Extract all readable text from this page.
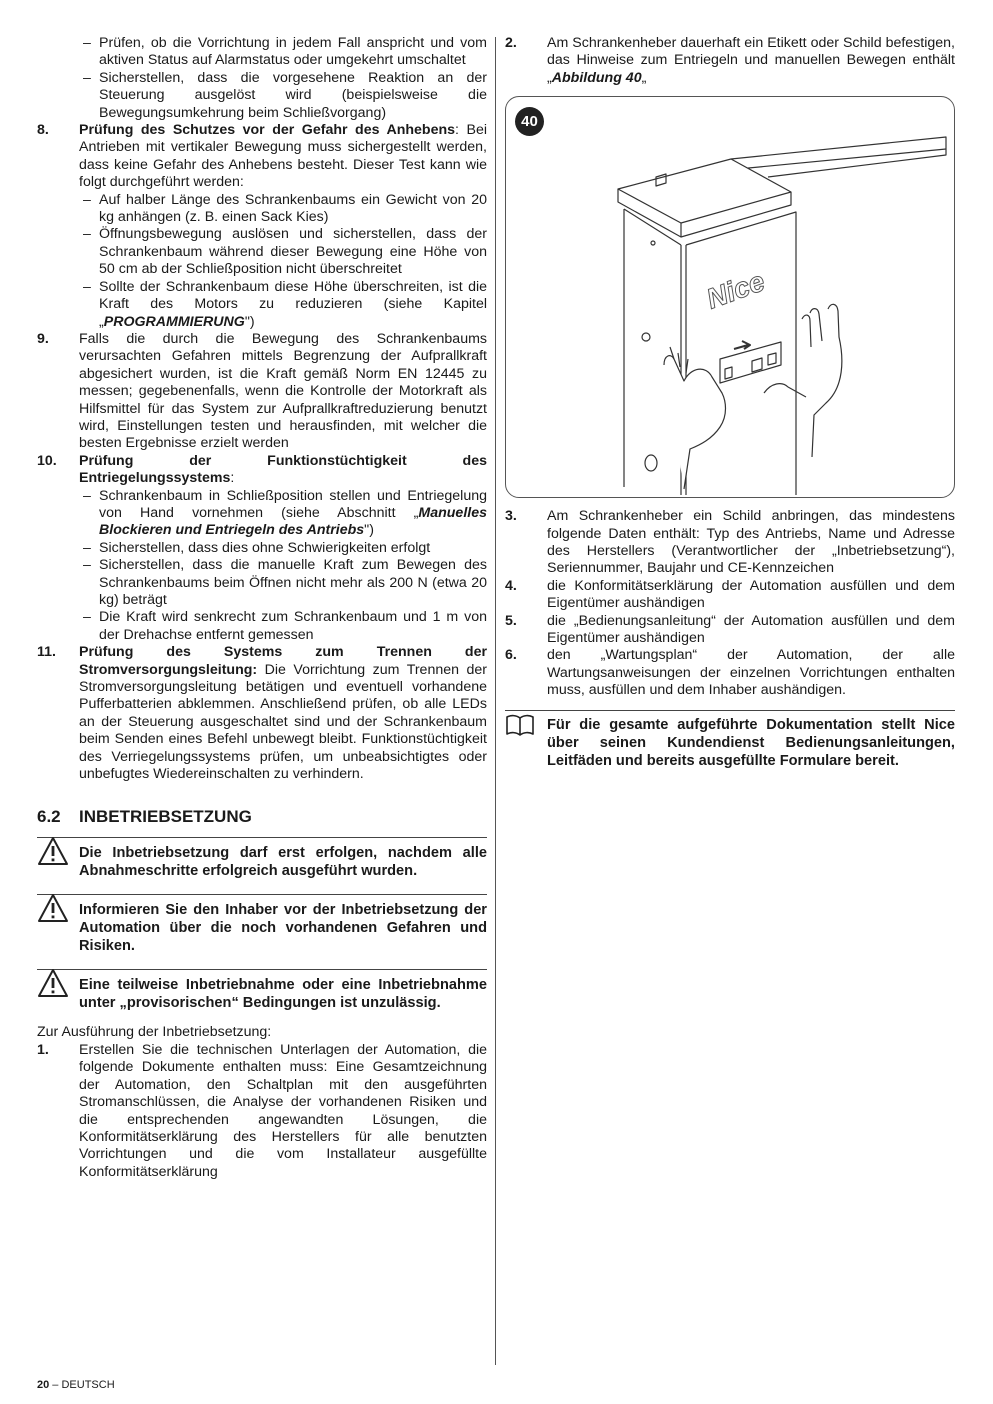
– Prüfen, ob die Vorrichtung in jedem Fall anspricht und vom aktiven Status auf Alarmstatus oder umgekehrt umschaltet
– Sicherstellen, dass die vorgesehene Reaktion an der Steuerung ausgelöst wird (beispielsweise die Bewegungsumkehrung beim Schließvorgang)
8. Prüfung des Schutzes vor der Gefahr des Anhebens: Bei Antrieben mit vertikaler Bewegung muss sichergestellt werden, dass keine Gefahr des Anhebens besteht. Dieser Test kann wie folgt durchgeführt werden:
– Auf halber Länge des Schrankenbaums ein Gewicht von 20 kg anhängen (z. B. einen Sack Kies)
– Öffnungsbewegung auslösen und sicherstellen, dass der Schrankenbaum während dieser Bewegung eine Höhe von 50 cm ab der Schließposition nicht überschreitet
– Sollte der Schrankenbaum diese Höhe überschreiten, ist die Kraft des Motors zu reduzieren (siehe Kapitel „PROGRAMMIERUNG")
9. Falls die durch die Bewegung des Schrankenbaums verursachten Gefahren mittels Begrenzung der Aufprallkraft abgesichert wurden, ist die Kraft gemäß Norm EN 12445 zu messen; gegebenenfalls, wenn die Kontrolle der Motorkraft als Hilfsmittel für das System zur Aufprallkraftreduzierung benutzt wird, Einstellungen testen und herausfinden, mit welcher die besten Ergebnisse erzielt werden
10. Prüfung der Funktionstüchtigkeit des Entriegelungssystems:
– Schrankenbaum in Schließposition stellen und Entriegelung von Hand vornehmen (siehe Abschnitt „Manuelles Blockieren und Entriegeln des Antriebs")
– Sicherstellen, dass dies ohne Schwierigkeiten erfolgt
– Sicherstellen, dass die manuelle Kraft zum Bewegen des Schrankenbaums beim Öffnen nicht mehr als 200 N (etwa 20 kg) beträgt
– Die Kraft wird senkrecht zum Schrankenbaum und 1 m von der Drehachse entfernt gemessen
11. Prüfung des Systems zum Trennen der Stromversorgungsleitung: Die Vorrichtung zum Trennen der Stromversorgungsleitung betätigen und eventuell vorhandene Pufferbatterien abklemmen. Anschließend prüfen, ob alle LEDs an der Steuerung ausgeschaltet sind und der Schrankenbaum beim Senden eines Befehl unbewegt bleibt. Funktionstüchtigkeit des Verriegelungssystems prüfen, um unbeabsichtigtes oder unbefugtes Wiedereinschalten zu verhindern.
6.2 INBETRIEBSETZUNG
Die Inbetriebsetzung darf erst erfolgen, nachdem alle Abnahmeschritte erfolgreich ausgeführt wurden.
Informieren Sie den Inhaber vor der Inbetriebsetzung der Automation über die noch vorhandenen Gefahren und Risiken.
Eine teilweise Inbetriebnahme oder eine Inbetriebnahme unter „provisorischen“ Bedingungen ist unzulässig.
Zur Ausführung der Inbetriebsetzung:
1. Erstellen Sie die technischen Unterlagen der Automation, die folgende Dokumente enthalten muss: Eine Gesamtzeichnung der Automation, den Schaltplan mit den ausgeführten Stromanschlüssen, die Analyse der vorhandenen Risiken und die entsprechenden angewandten Lösungen, die Konformitätserklärung des Herstellers für alle benutzten Vorrichtungen und die vom Installateur ausgefüllte Konformitätserklärung
2. Am Schrankenheber dauerhaft ein Etikett oder Schild befestigen, das Hinweise zum Entriegeln und manuellen Bewegen enthält „Abbildung 40„
40
Nice
3. Am Schrankenheber ein Schild anbringen, das mindestens folgende Daten enthält: Typ des Antriebs, Name und Adresse des Herstellers (Verantwortlicher der „Inbetriebsetzung“), Seriennummer, Baujahr und CE-Kennzeichen
4. die Konformitätserklärung der Automation ausfüllen und dem Eigentümer aushändigen
5. die „Bedienungsanleitung“ der Automation ausfüllen und dem Eigentümer aushändigen
6. den „Wartungsplan“ der Automation, der alle Wartungsanweisungen der einzelnen Vorrichtungen enthalten muss, ausfüllen und dem Inhaber aushändigen.
Für die gesamte aufgeführte Dokumentation stellt Nice über seinen Kundendienst Bedienungsanleitungen, Leitfäden und bereits ausgefüllte Formulare bereit.
20 – DEUTSCH
